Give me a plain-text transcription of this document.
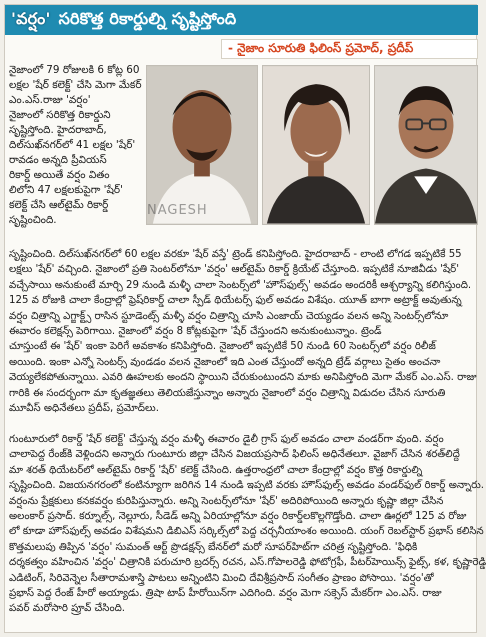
'వర్షం' సరికొత్త రికార్డుల్ని సృష్టిస్తోంది
- నైజాం సూరుతి ఫిలింస్ ప్రమోద్, ప్రదీప్
నైజాంలో 79 రోజులకి 6 కోట్ల 60
లక్షల 'షేర్ కలెక్ట్' చేసి మెగా మేకర్
ఎం.ఎస్.రాజు 'వర్షం'
నైజాంలో సరికొత్త రికార్డుని
సృష్టిస్తోంది. హైదరాబాద్,
దిల్‌సుఖ్‌నగర్‌లో 41 లక్షల 'షేర్'
రావడం అన్నది ప్రీవియస్
రికార్డ్ అయితే వర్షం వితం
లిలోని 47 లక్షలకుపైగా 'షేర్'
కలెక్ట్ చేసి ఆల్‌టైమ్ రికార్డ్
సృష్టించింది.
NAGESH
సృష్టించింది. దిల్‌సుఖ్‌నగర్‌లో 60 లక్షల వరకూ 'షేర్ వస్తే' ట్రెండ్ కనిపిస్తోంది. హైదరాబాద్ - లాంటి లోగడ ఇప్పటికే 55
లక్షలు 'షేర్' వచ్చింది. నైజాంలో ప్రతి సెంటర్‌లోనూ 'వర్షం' ఆల్‌టైమ్ రికార్డ్ క్రియేట్ చేస్తూంది. ఇప్పటికే నూజివీడు 'షేర్'
వచ్చేసాయి అనుకుంటే మార్చి 29 నుండి మళ్ళీ చాలా సెంటర్స్‌లో 'హౌస్‌ఫుల్స్' అవడం అందరికీ ఆశ్చర్యాన్ని కలిగిస్తుంది.
125 వ రోజుకి చాలా కేంద్రాల్లో ఫ్రెష్‌రికార్డ్ చాలా స్పీడ్ థియేటర్స్ ఫుల్ అవడం విశేషం. యూత్ బాగా అట్రాక్ట్ అవుతున్న
వర్షం చిత్రాన్ని ఎగ్జాక్ట్స్ రాసిన స్టూడెంట్స్ మళ్ళీ వర్షం చిత్రాన్ని చూసి ఎంజాయ్ చెయ్యడం వలన అన్ని సెంటర్స్‌లోనూ
ఈవారం కలెక్షన్స్ పెరిగాయి. నైజాంలో వర్షం 8 కోట్లకుపైగా 'షేర్ చేస్తుందని అనుకుంటున్నాం. ట్రెండ్
చూస్తుంటే ఈ 'షేర్' ఇంకా పెరిగే అవకాశం కనిపిస్తోంది. నైజాంలో ఇప్పటికే 50 నుండి 60 సెంటర్స్‌లో వర్షం రిలీజ్
అయింది. ఇంకా ఎన్నో సెంటర్స్ వుండడం వలన నైజాంలో ఇది ఎంత చేస్తుందో అన్నది ట్రేడ్ వర్గాలు సైతం అంచనా
వెయ్యలేకపోతున్నాయి. ఎవరి ఊహలకు అందని స్థాయిని చేరుకుంటుందని మాకు అనిపిస్తోంది మెగా మేకర్ ఎం.ఎస్. రాజు
గారికి ఈ సందర్భంగా మా కృతజ్ఞతలు తెలియజేస్తున్నాం అన్నారు నైజాంలో వర్షం చిత్రాన్ని విడుదల చేసిన సూరుతి
మూవీస్ అధినేతలు ప్రదీప్, ప్రమోద్‌లు.

గుంటూరులో రికార్డ్ 'షేర్ కలెక్ట్' చేస్తున్న వర్షం మళ్ళీ ఈవారం డైలీ గ్రాస్ ఫుల్ అవడం చాలా వండర్‌గా వుంది. వర్షం
చాలాపెద్ద రేంజ్‌కి వెళ్లిందని అన్నారు గుంటూరు జిల్లా చేసిన విజయప్రసాద్ ఫిలింస్ అధినేతలూ. వైజాగ్ చేసిన శరత్‌లిద్దే
మా శరత్ థియేటర్‌లో ఆల్‌టైమ్ రికార్డ్ 'షేర్' కలెక్ట్ చేసింది. ఉత్తరాంధ్రలో చాలా కేంద్రాల్లో వర్షం కొత్త రికార్డుల్ని
సృష్టించింది. విజయనగరంలో కంటిన్యూగా జరిగిన 14 నుండి ఇప్పటి వరకు హౌస్‌ఫుల్స్ అవడం వండర్‌ఫుల్ రికార్డ్ అన్నారు.
వర్షంను ప్రేక్షకులు కనకవర్షం కురిపిస్తున్నారు. అన్ని సెంటర్స్‌లోనూ 'షేర్' అదిరిపోయింది అన్నారు కృష్ణా జిల్లా చేసిన
అలంకార్ ప్రసాద్. కర్నూల్స్, నెల్లూరు, సీడెడ్ అన్ని ఏరియాల్లోనూ వర్షం రికార్డ్‌లకొల్లగొడ్తోంది. చాలా ఊర్లలో 125 వ రోజు
లో కూడా హౌస్‌ఫుల్స్ అవడం విశేషమని డిబిఎస్ సర్కిల్స్‌లో పెద్ద చర్చనీయాంశం అయింది. యంగ్ రెబల్‌స్టార్ ప్రభాస్ కలిసిన
కొత్తమలుపు తిప్పిన 'వర్షం' సుమంత్ ఆర్ట్ ప్రొడక్షన్స్ బేనర్‌లో మరో సూపర్‌హిట్‌గా చరిత్ర సృష్టిస్తోంది. 'ఫిధికి
దర్శకత్వం వహించిన 'వర్షం' చిత్రానికి పరుచూరి బ్రదర్స్ రచన, ఎస్.గోపాలరెడ్డి ఫోటోగ్రఫీ, పీటర్‌హెయిన్స్ ఫైట్స్, కళ, కృష్ణారెడ్డి
ఎడిటింగ్, సిరివెన్నెల సీతారామశాస్త్రి పాటలు అన్నింటిని మించి దేవిశ్రీప్రసాద్ సంగీతం ప్రాణం పోసాయి. 'వర్షం'తో
ప్రభాస్ పెద్ద రేంజ్ హీరో అయ్యాడు. త్రిషా టాప్ హీరోయిన్‌గా ఎదిగింది. వర్షం మెగా సక్సెస్ మేకర్‌గా ఎం.ఎస్. రాజు
పవర్ మరోసారి ప్రూవ్ చేసింది.
